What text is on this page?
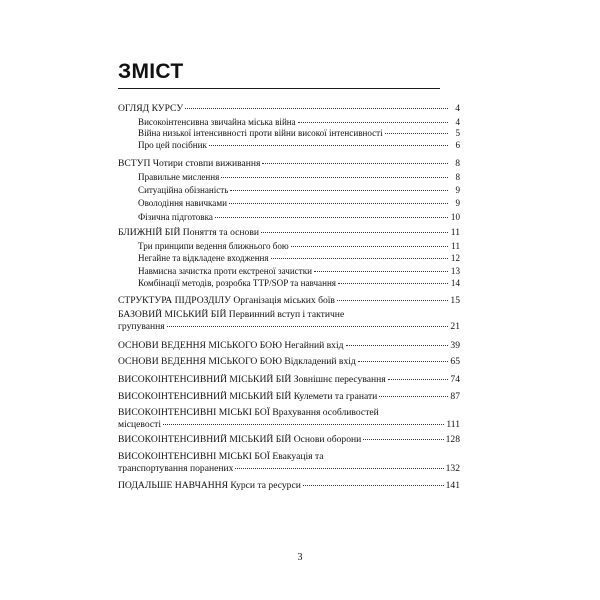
ЗМІСТ
ОГЛЯД КУРСУ	4
Високоінтенсивна звичайна міська війна	4
Війна низької інтенсивності проти війни високої інтенсивності	5
Про цей посібник	6
ВСТУП Чотири стовпи виживання	8
Правильне мислення	8
Ситуаційна обізнаність	9
Оволодіння навичками	9
Фізична підготовка	10
БЛИЖНІЙ БІЙ Поняття та основи	11
Три принципи ведення ближнього бою	11
Негайне та відкладене входження	12
Навмисна зачистка проти екстреної зачистки	13
Комбінації методів, розробка TTP/SOP та навчання	14
СТРУКТУРА ПІДРОЗДІЛУ Організація міських боїв	15
БАЗОВИЙ МІСЬКИЙ БІЙ Первинний вступ і тактичне
групування	21
ОСНОВИ ВЕДЕННЯ МІСЬКОГО БОЮ Негайний вхід	39
ОСНОВИ ВЕДЕННЯ МІСЬКОГО БОЮ Відкладений вхід	65
ВИСОКОІНТЕНСИВНИЙ МІСЬКИЙ БІЙ Зовнішнє пересування	74
ВИСОКОІНТЕНСИВНИЙ МІСЬКИЙ БІЙ Кулемети та гранати	87
ВИСОКОІНТЕНСИВНІ МІСЬКІ БОЇ Врахування особливостей
місцевості	111
ВИСОКОІНТЕНСИВНИЙ МІСЬКИЙ БІЙ Основи оборони	128
ВИСОКОІНТЕНСИВНІ МІСЬКІ БОЇ Евакуація та
транспортування поранених	132
ПОДАЛЬШЕ НАВЧАННЯ Курси та ресурси	141
3
